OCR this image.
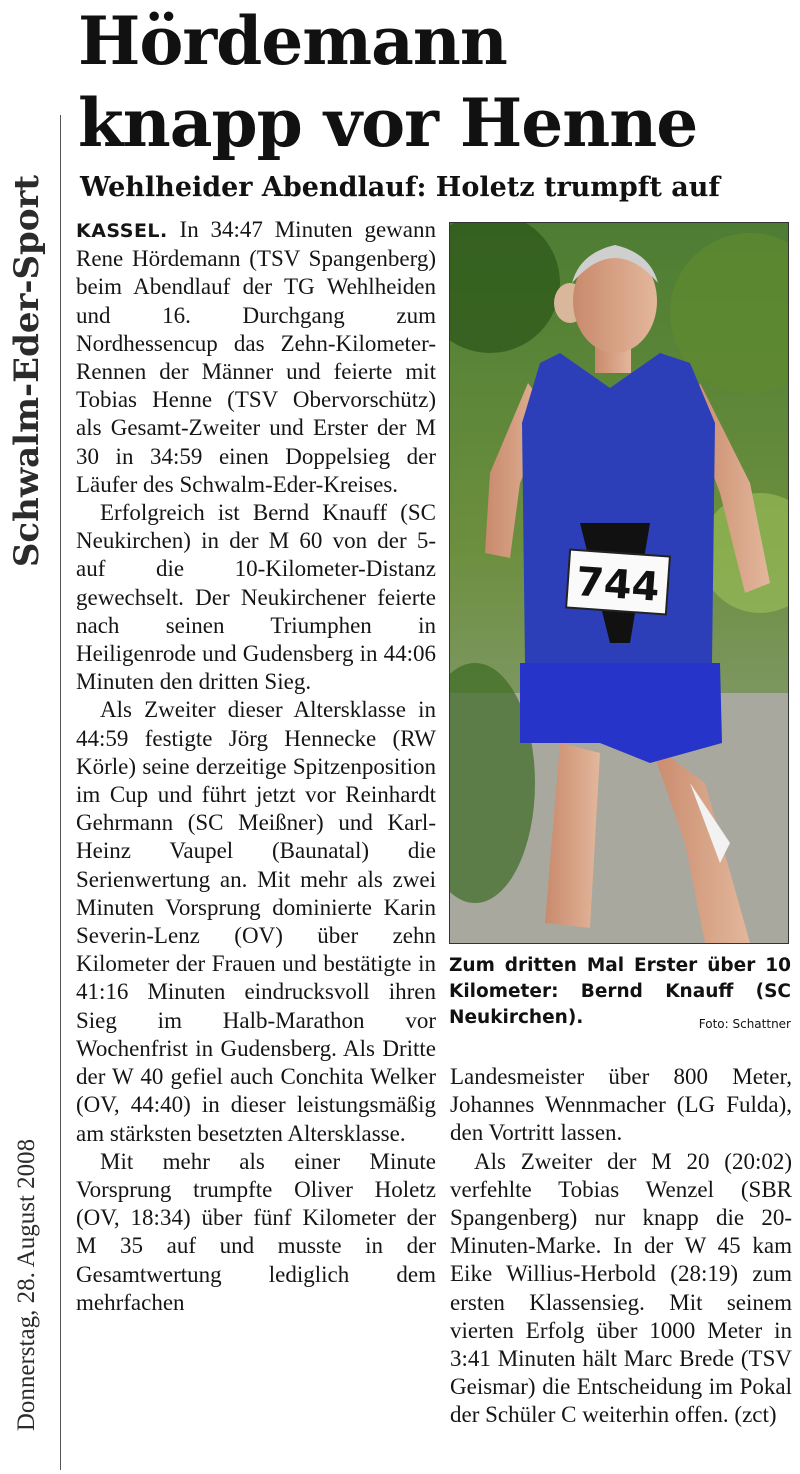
Schwalm-Eder-Sport
Donnerstag, 28. August 2008
Hördemann
knapp vor Henne
Wehlheider Abendlauf: Holetz trumpft auf

KASSEL. In 34:47 Minuten gewann Rene Hördemann (TSV Spangenberg) beim Abendlauf der TG Wehlheiden und 16. Durchgang zum Nordhessencup das Zehn-Kilometer-Rennen der Männer und feierte mit Tobias Henne (TSV Obervorschütz) als Gesamt-Zweiter und Erster der M 30 in 34:59 einen Doppelsieg der Läufer des Schwalm-Eder-Kreises.

Erfolgreich ist Bernd Knauff (SC Neukirchen) in der M 60 von der 5- auf die 10-Kilometer-Distanz gewechselt. Der Neukirchener feierte nach seinen Triumphen in Heiligenrode und Gudensberg in 44:06 Minuten den dritten Sieg.

Als Zweiter dieser Altersklasse in 44:59 festigte Jörg Hennecke (RW Körle) seine derzeitige Spitzenposition im Cup und führt jetzt vor Reinhardt Gehrmann (SC Meißner) und Karl-Heinz Vaupel (Baunatal) die Serienwertung an. Mit mehr als zwei Minuten Vorsprung dominierte Karin Severin-Lenz (OV) über zehn Kilometer der Frauen und bestätigte in 41:16 Minuten eindrucksvoll ihren Sieg im Halb-Marathon vor Wochenfrist in Gudensberg. Als Dritte der W 40 gefiel auch Conchita Welker (OV, 44:40) in dieser leistungsmäßig am stärksten besetzten Altersklasse.

Mit mehr als einer Minute Vorsprung trumpfte Oliver Holetz (OV, 18:34) über fünf Kilometer der M 35 auf und musste in der Gesamtwertung lediglich dem mehrfachen

744
Zum dritten Mal Erster über 10 Kilometer: Bernd Knauff (SC Neukirchen).	Foto: Schattner

Landesmeister über 800 Meter, Johannes Wennmacher (LG Fulda), den Vortritt lassen.

Als Zweiter der M 20 (20:02) verfehlte Tobias Wenzel (SBR Spangenberg) nur knapp die 20-Minuten-Marke. In der W 45 kam Eike Willius-Herbold (28:19) zum ersten Klassensieg. Mit seinem vierten Erfolg über 1000 Meter in 3:41 Minuten hält Marc Brede (TSV Geismar) die Entscheidung im Pokal der Schüler C weiterhin offen. (zct)
